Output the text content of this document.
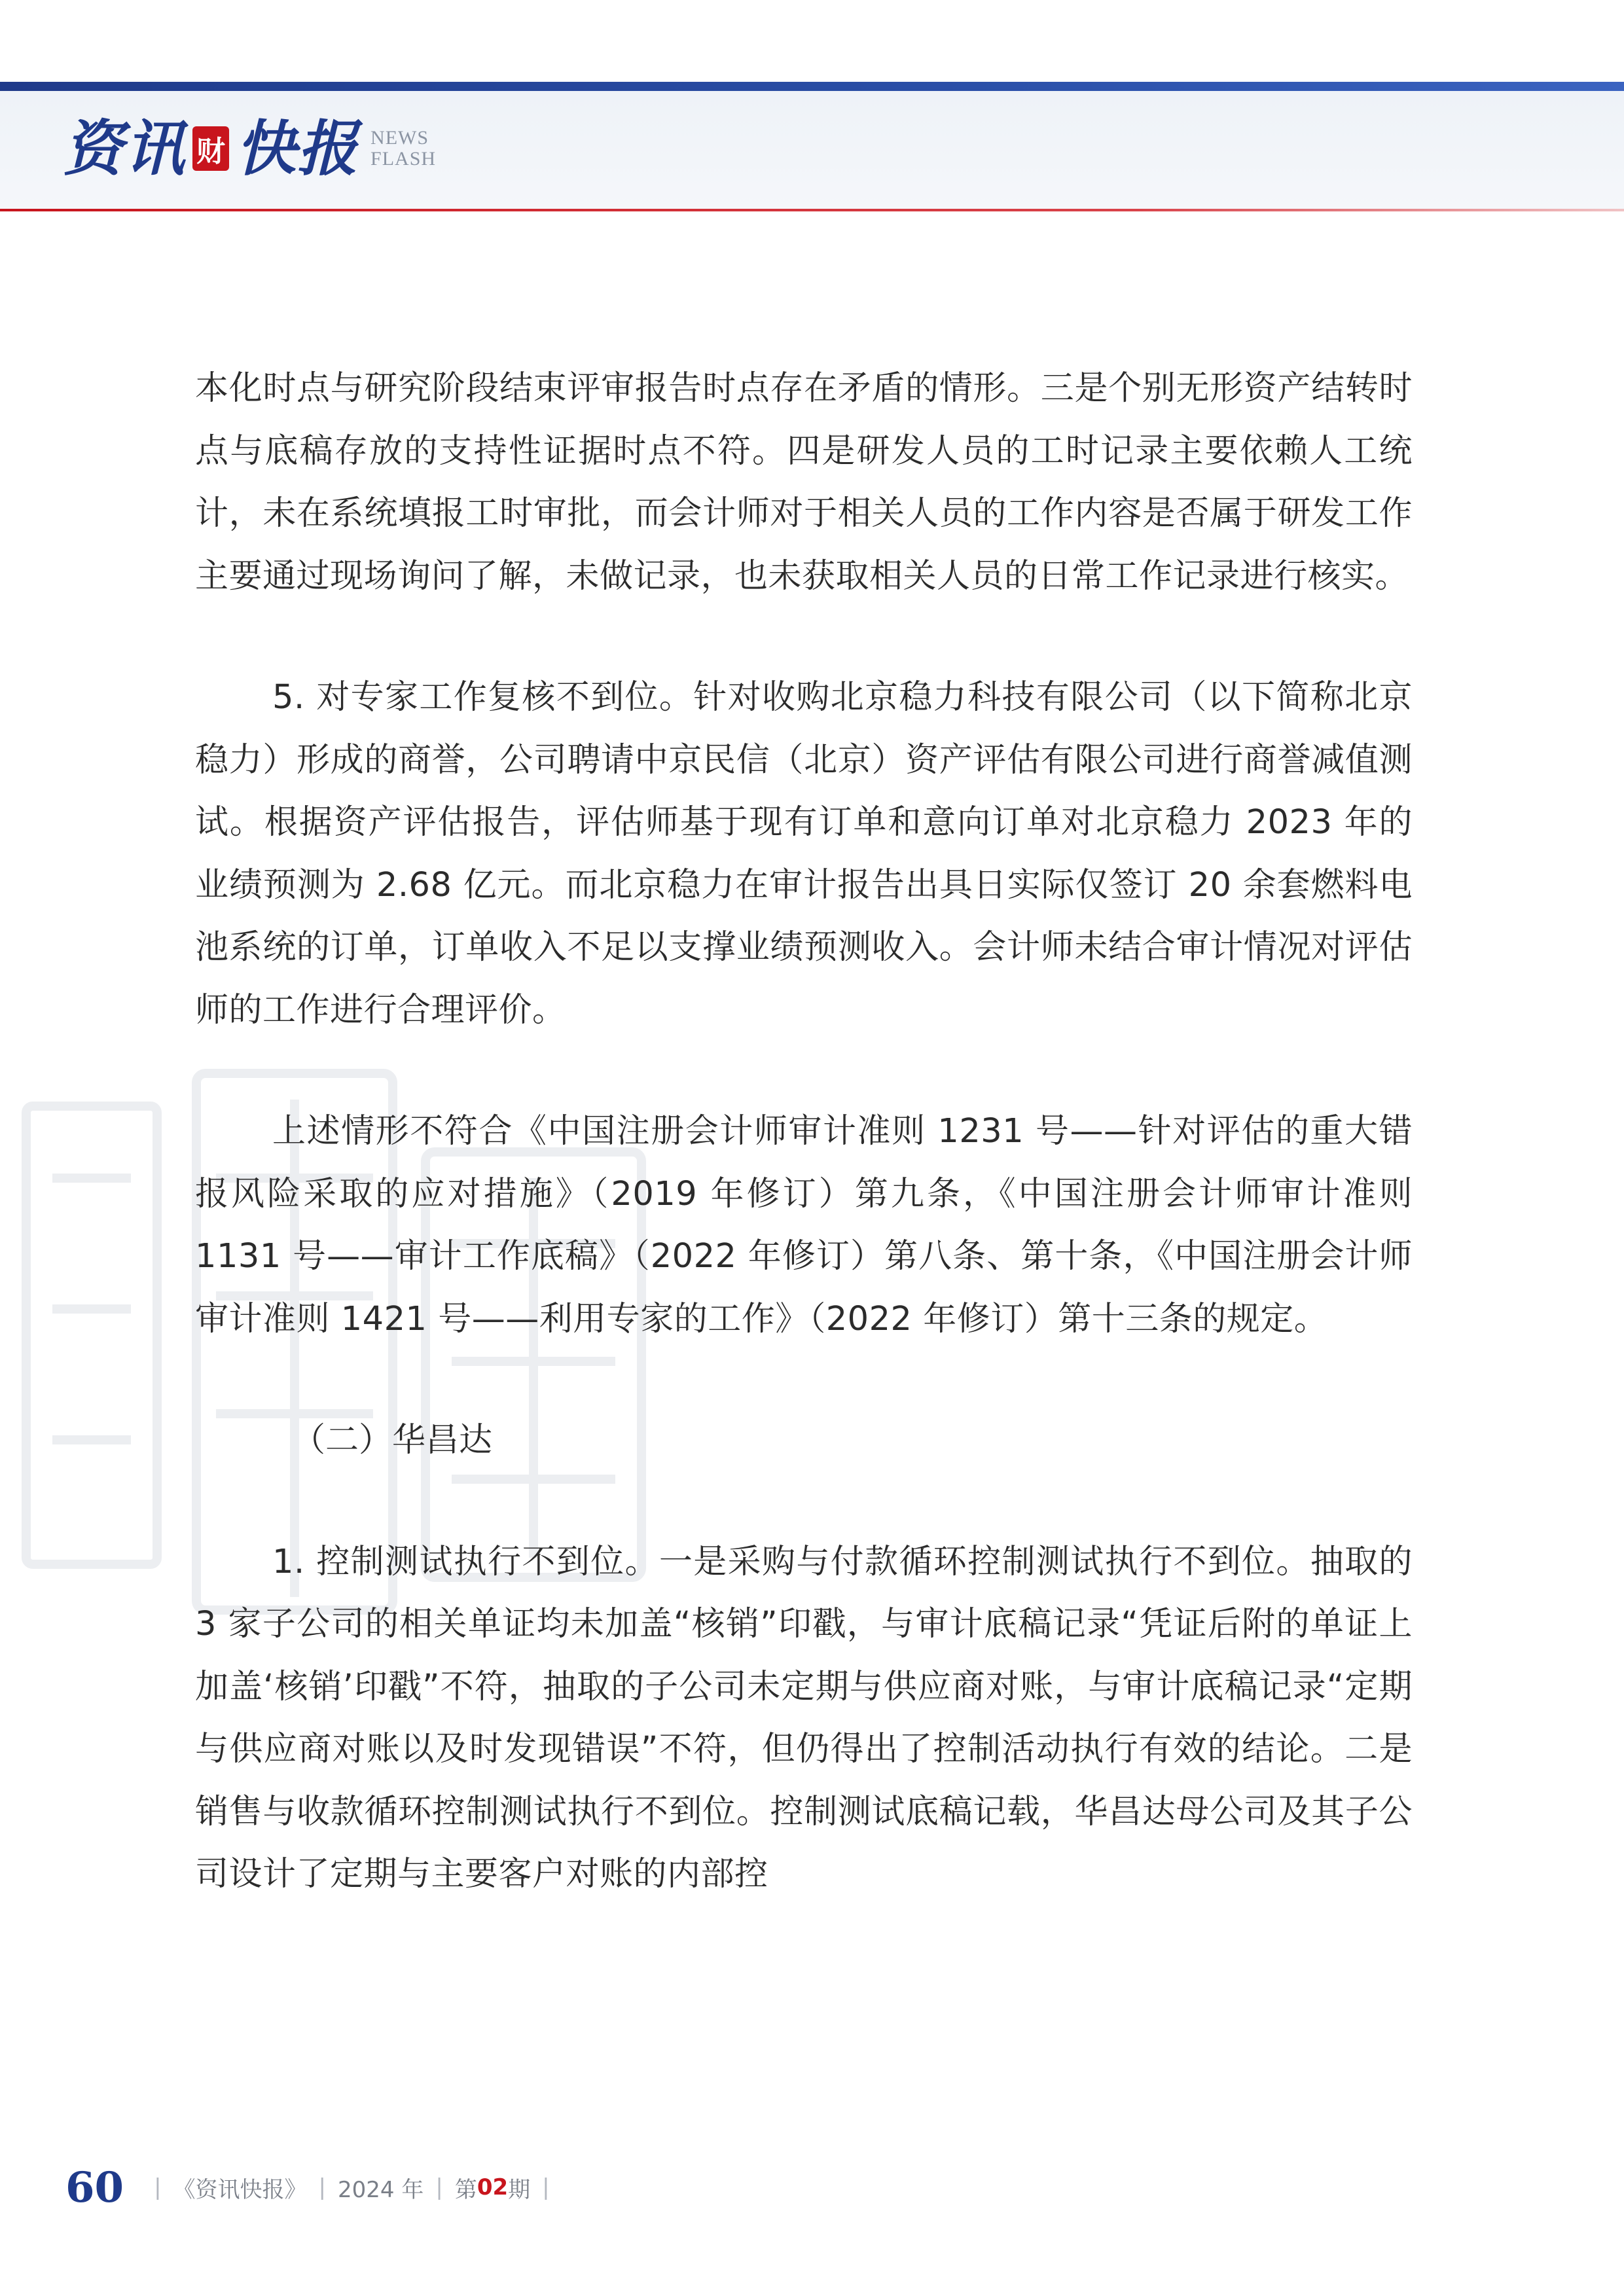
资讯 财 快报 NEWS
FLASH

本化时点与研究阶段结束评审报告时点存在矛盾的情形。三是个别无形资产结转时点与底稿存放的支持性证据时点不符。四是研发人员的工时记录主要依赖人工统计，未在系统填报工时审批，而会计师对于相关人员的工作内容是否属于研发工作主要通过现场询问了解，未做记录，也未获取相关人员的日常工作记录进行核实。

5. 对专家工作复核不到位。针对收购北京稳力科技有限公司（以下简称北京稳力）形成的商誉，公司聘请中京民信（北京）资产评估有限公司进行商誉减值测试。根据资产评估报告，评估师基于现有订单和意向订单对北京稳力 2023 年的业绩预测为 2.68 亿元。而北京稳力在审计报告出具日实际仅签订 20 余套燃料电池系统的订单，订单收入不足以支撑业绩预测收入。会计师未结合审计情况对评估师的工作进行合理评价。

上述情形不符合《中国注册会计师审计准则 1231 号——针对评估的重大错报风险采取的应对措施》（2019 年修订）第九条，《中国注册会计师审计准则 1131 号——审计工作底稿》（2022 年修订）第八条、第十条，《中国注册会计师审计准则 1421 号——利用专家的工作》（2022 年修订）第十三条的规定。

（二）华昌达

1. 控制测试执行不到位。一是采购与付款循环控制测试执行不到位。抽取的 3 家子公司的相关单证均未加盖“核销”印戳，与审计底稿记录“凭证后附的单证上加盖‘核销’印戳”不符，抽取的子公司未定期与供应商对账，与审计底稿记录“定期与供应商对账以及时发现错误”不符，但仍得出了控制活动执行有效的结论。二是销售与收款循环控制测试执行不到位。控制测试底稿记载，华昌达母公司及其子公司设计了定期与主要客户对账的内部控

60 | 《资讯快报》 | 2024 年 | 第 02 期 |
